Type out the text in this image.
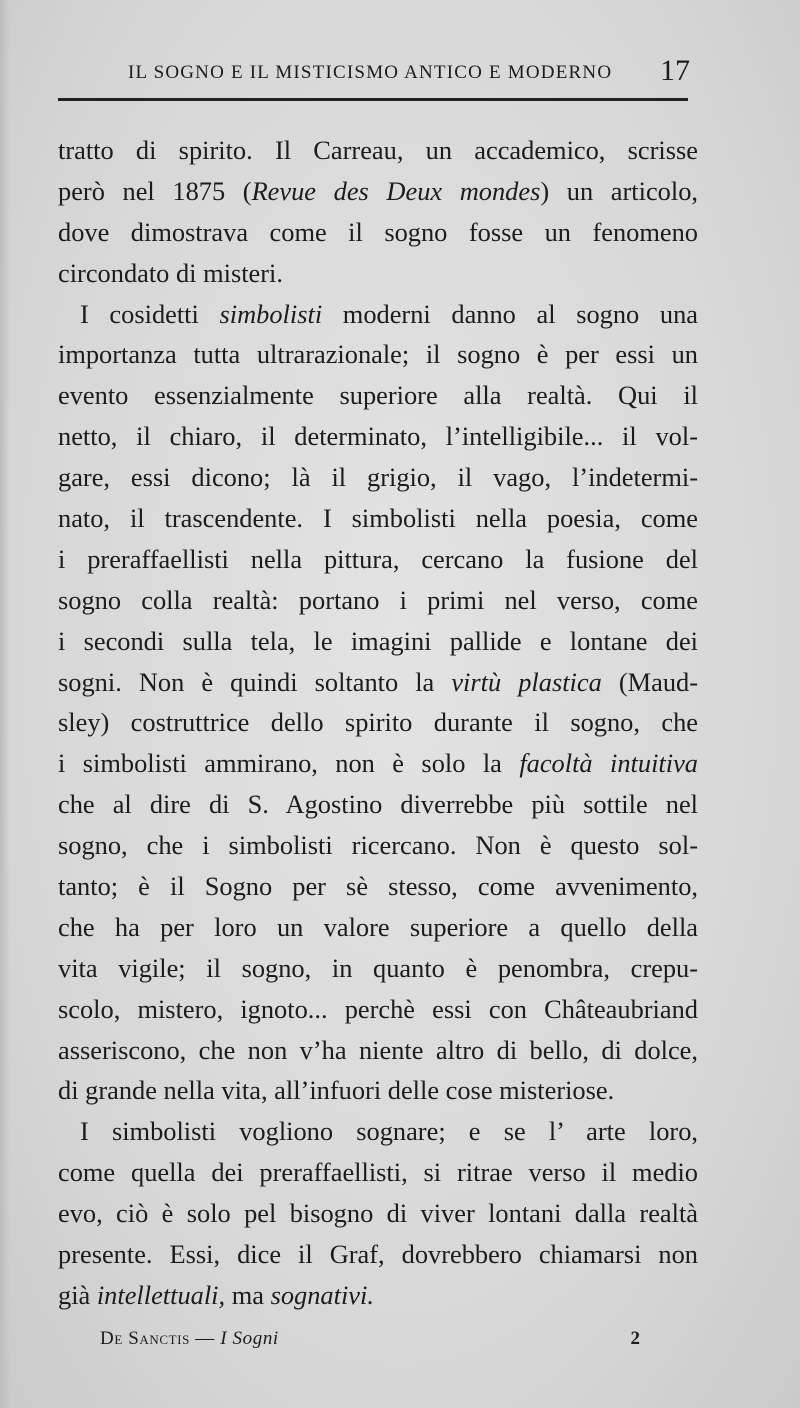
IL SOGNO E IL MISTICISMO ANTICO E MODERNO 17
tratto di spirito. Il Carreau, un accademico, scrisse
però nel 1875 (Revue des Deux mondes) un articolo,
dove dimostrava come il sogno fosse un fenomeno
circondato di misteri.
I cosidetti simbolisti moderni danno al sogno una
importanza tutta ultrarazionale; il sogno è per essi un
evento essenzialmente superiore alla realtà. Qui il
netto, il chiaro, il determinato, l’intelligibile... il vol-
gare, essi dicono; là il grigio, il vago, l’indetermi-
nato, il trascendente. I simbolisti nella poesia, come
i preraffaellisti nella pittura, cercano la fusione del
sogno colla realtà: portano i primi nel verso, come
i secondi sulla tela, le imagini pallide e lontane dei
sogni. Non è quindi soltanto la virtù plastica (Maud-
sley) costruttrice dello spirito durante il sogno, che
i simbolisti ammirano, non è solo la facoltà intuitiva
che al dire di S. Agostino diverrebbe più sottile nel
sogno, che i simbolisti ricercano. Non è questo sol-
tanto; è il Sogno per sè stesso, come avvenimento,
che ha per loro un valore superiore a quello della
vita vigile; il sogno, in quanto è penombra, crepu-
scolo, mistero, ignoto... perchè essi con Châteaubriand
asseriscono, che non v’ha niente altro di bello, di dolce,
di grande nella vita, all’infuori delle cose misteriose.
I simbolisti vogliono sognare; e se l’ arte loro,
come quella dei preraffaellisti, si ritrae verso il medio
evo, ciò è solo pel bisogno di viver lontani dalla realtà
presente. Essi, dice il Graf, dovrebbero chiamarsi non
già intellettuali, ma sognativi.
De Sanctis — I Sogni	2
